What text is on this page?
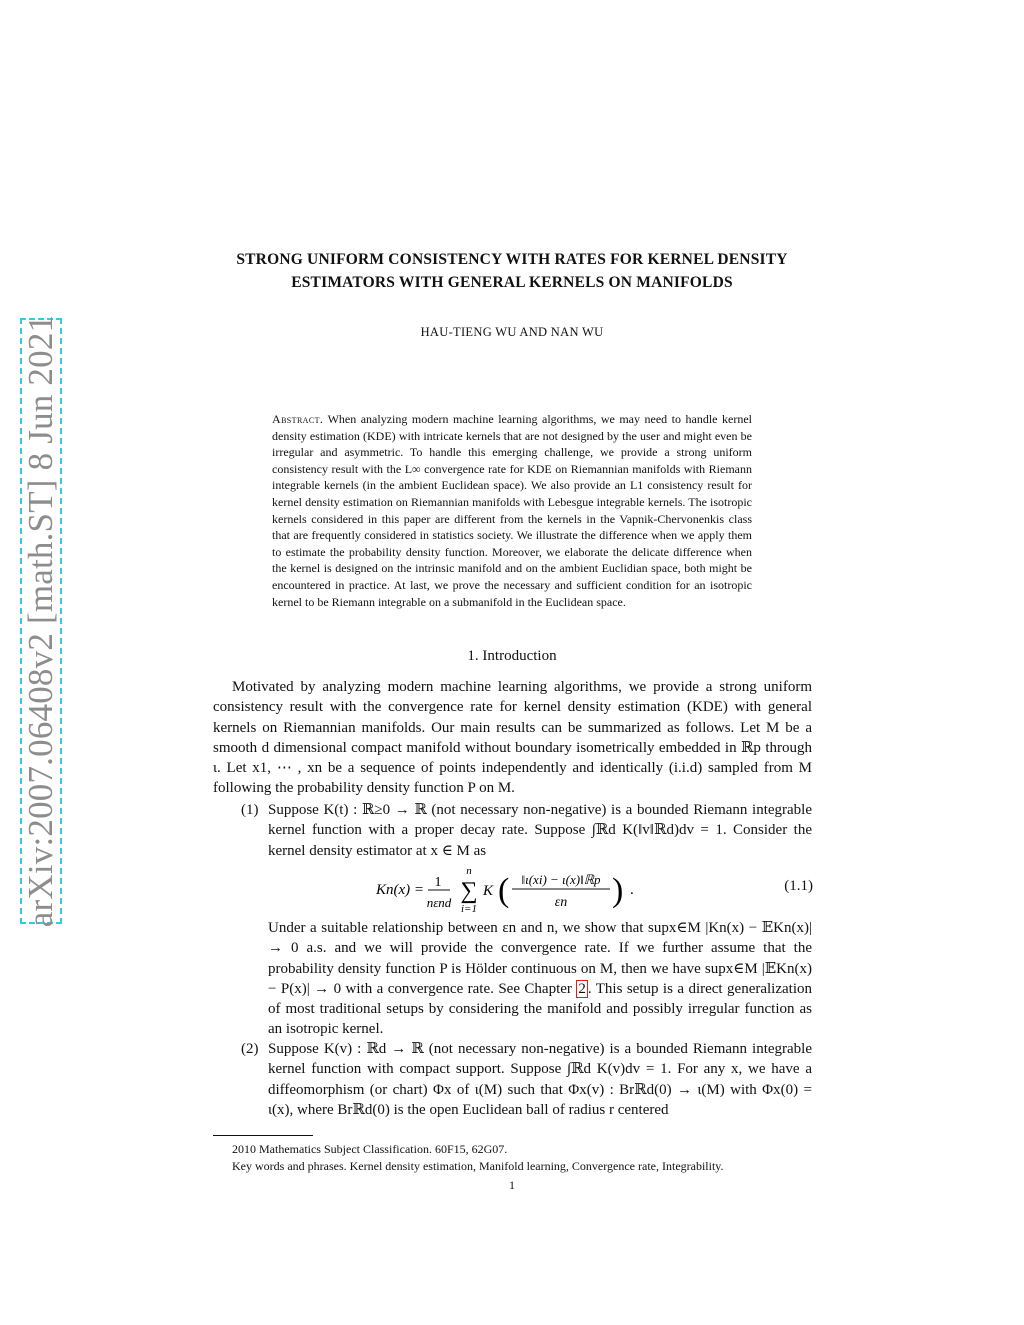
arXiv:2007.06408v2 [math.ST] 8 Jun 2021
STRONG UNIFORM CONSISTENCY WITH RATES FOR KERNEL DENSITY
ESTIMATORS WITH GENERAL KERNELS ON MANIFOLDS
HAU-TIENG WU AND NAN WU
Abstract. When analyzing modern machine learning algorithms, we may need to handle kernel density estimation (KDE) with intricate kernels that are not designed by the user and might even be irregular and asymmetric. To handle this emerging challenge, we provide a strong uniform consistency result with the L∞ convergence rate for KDE on Riemannian manifolds with Riemann integrable kernels (in the ambient Euclidean space). We also provide an L1 consistency result for kernel density estimation on Riemannian manifolds with Lebesgue integrable kernels. The isotropic kernels considered in this paper are different from the kernels in the Vapnik-Chervonenkis class that are frequently considered in statistics society. We illustrate the difference when we apply them to estimate the probability density function. Moreover, we elaborate the delicate difference when the kernel is designed on the intrinsic manifold and on the ambient Euclidian space, both might be encountered in practice. At last, we prove the necessary and sufficient condition for an isotropic kernel to be Riemann integrable on a submanifold in the Euclidean space.
1. Introduction
Motivated by analyzing modern machine learning algorithms, we provide a strong uniform consistency result with the convergence rate for kernel density estimation (KDE) with general kernels on Riemannian manifolds. Our main results can be summarized as follows. Let M be a smooth d dimensional compact manifold without boundary isometrically embedded in ℝp through ι. Let x1, ⋯ , xn be a sequence of points independently and identically (i.i.d) sampled from M following the probability density function P on M.
(1) Suppose K(t) : ℝ≥0 → ℝ (not necessary non-negative) is a bounded Riemann integrable kernel function with a proper decay rate. Suppose ∫ℝd K(‖v‖ℝd)dv = 1. Consider the kernel density estimator at x ∈ M as
Kn(x) = 1
nεnd
n
∑
i=1
K ( ‖ι(xi) − ι(x)‖ℝp
εn ) .	(1.1)
Under a suitable relationship between εn and n, we show that supx∈M |Kn(x) − 𝔼Kn(x)| → 0 a.s. and we will provide the convergence rate. If we further assume that the probability density function P is Hölder continuous on M, then we have supx∈M |𝔼Kn(x) − P(x)| → 0 with a convergence rate. See Chapter 2 . This setup is a direct generalization of most traditional setups by considering the manifold and possibly irregular function as an isotropic kernel.
(2) Suppose K(v) : ℝd → ℝ (not necessary non-negative) is a bounded Riemann integrable kernel function with compact support. Suppose ∫ℝd K(v)dv = 1. For any x, we have a diffeomorphism (or chart) Φx of ι(M) such that Φx(v) : Brℝd(0) → ι(M) with Φx(0) = ι(x), where Brℝd(0) is the open Euclidean ball of radius r centered
2010 Mathematics Subject Classification. 60F15, 62G07.
Key words and phrases. Kernel density estimation, Manifold learning, Convergence rate, Integrability.
1
